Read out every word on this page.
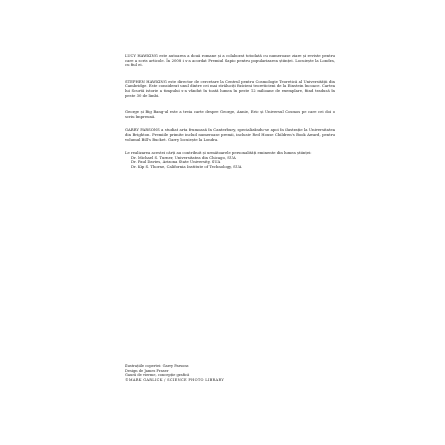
LUCY HAWKING este autoarea a două romane și a colaborat totodată cu numeroase ziare și reviste pentru care a scris articole. În 2008 i s-a acordat Premiul Sapio pentru popularizarea științei. Locuiește la Londra, cu fiul ei.

STEPHEN HAWKING este director de cercetare la Centrul pentru Cosmologie Teoretică al Universității din Cambridge. Este considerat unul dintre cei mai străluciți fizicieni teoreticieni de la Einstein încoace. Cartea lui Scurtă istorie a timpului s-a vândut în toată lumea în peste 12 milioane de exemplare, fiind tradusă în peste 30 de limbi.

George și Big Bang-ul este a treia carte despre George, Annie, Eric și Universul Cosmos pe care cei doi o scriu împreună.

GARRY PARSONS a studiat arta frumoasă în Canterbury, specializându-se apoi în ilustrație la Universitatea din Brighton. Premiile primite includ numeroase premii, inclusiv Red House Children's Book Award, pentru volumul Bill's Bucket. Garry locuiește la Londra.

Le realizarea acestei cărți au contribuit și următoarele personalități eminente din lumea științei:

Dr. Michael S. Turner, Universitatea din Chicago, SUA
Dr. Paul Davies, Arizona State University, SUA
Dr. Kip S. Thorne, California Institute of Technology, SUA
Ilustrațiile copertei: Garry Parsons
Design de James Fraser
Gaură de vierme, concepție grafică
©MARK GARLICK / SCIENCE PHOTO LIBRARY
